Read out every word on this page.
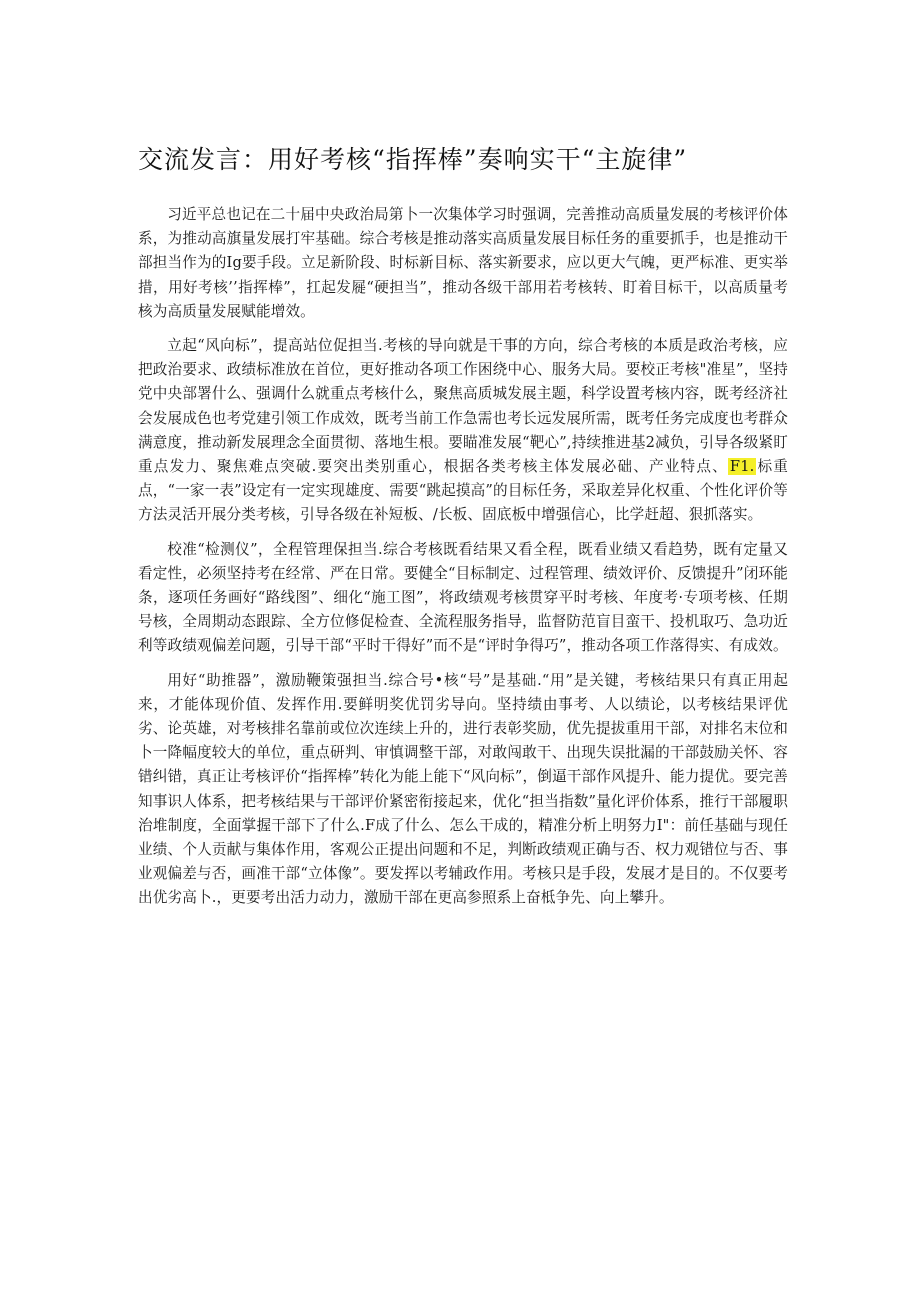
交流发言：用好考核“指挥棒”奏响实干“主旋律”

习近平总也记在二十届中央政治局第卜一次集体学习时强调，完善推动高质量发展的考核评价体系，为推动高旗量发展打牢基础。综合考核是推动落实高质量发展目标任务的重要抓手，也是推动干部担当作为的Ig要手段。立足新阶段、时标新目标、落实新要求，应以更大气魄，更严标准、更实举措，用好考核’’指挥棒”，扛起发屣“硬担当”，推动各级干部用若考核转、盯着目标干，以高质量考核为高质量发展赋能增效。

立起“风向标”，提高站位促担当.考核的导向就是干事的方向，综合考核的本质是政治考核，应把政治要求、政绩标准放在首位，更好推动各项工作困绕中心、服务大局。要校正考核"准星”，坚持党中央部署什么、强调什么就重点考核什么，聚焦高质城发展主题，科学设置考核内容，既考经济社会发展成色也考党建引领工作成效，既考当前工作急需也考长远发展所需，既考任务完成度也考群众满意度，推动新发展理念全面贯彻、落地生根。要瞄准发展“靶心”,持续推进基2减负，引导各级紧盯重点发力、聚焦难点突破.要突出类别重心，根据各类考核主体发展必础、产业特点、 F1. 标重点，“一家一表”设定有一定实现雄度、需要“跳起摸高”的目标任务，采取差异化权重、个性化评价等方法灵活开展分类考核，引导各级在补短板、/长板、固底板中增强信心，比学赶超、狠抓落实。

校准“检测仪”，全程管理保担当.综合考核既看结果又看全程，既看业绩又看趋势，既有定量又看定性，必须坚持考在经常、严在日常。要健全“目标制定、过程管理、绩效评价、反馈提升”闭环能条，逐项任务画好“路线图”、细化“施工图”，将政绩观考核贯穿平时考核、年度考·专项考核、任期号核，全周期动态跟踪、全方位修促检查、全流程服务指导，监督防范盲目蛮干、投机取巧、急功近利等政绩观偏差问题，引导干部“平时干得好”而不是“评时争得巧”，推动各项工作落得实、有成效。

用好“助推器”，激励鞭策强担当.综合号•核“号”是基础.“用”是关键，考核结果只有真正用起来，才能体现价值、发挥作用.要鲜明奖优罚劣导向。坚持绩由事考、人以绩论，以考核结果评优劣、论英雄，对考核排名靠前或位次连续上升的，进行表彰奖励，优先提拔重用干部，对排名末位和卜一降幅度较大的单位，重点研判、审慎调整干部，对敢闯敢干、出现失误批漏的干部鼓励关怀、容错纠错，真正让考核评价“指挥棒”转化为能上能下“风向标”，倒逼干部作风提升、能力提优。要完善知事识人体系，把考核结果与干部评价紧密衔接起来，优化“担当指数”量化评价体系，推行干部履职治堆制度，全面掌握干部下了什么.F成了什么、怎么干成的，精准分析上明努力I"：前任基础与现任业绩、个人贡献与集体作用，客观公正提出问题和不足，判断政绩观正确与否、权力观错位与否、事业观偏差与否，画准干部“立体像”。要发挥以考辅政作用。考核只是手段，发展才是目的。不仅要考出优劣高卜.，更要考出活力动力，激励干部在更高参照系上奋柢争先、向上攀升。
